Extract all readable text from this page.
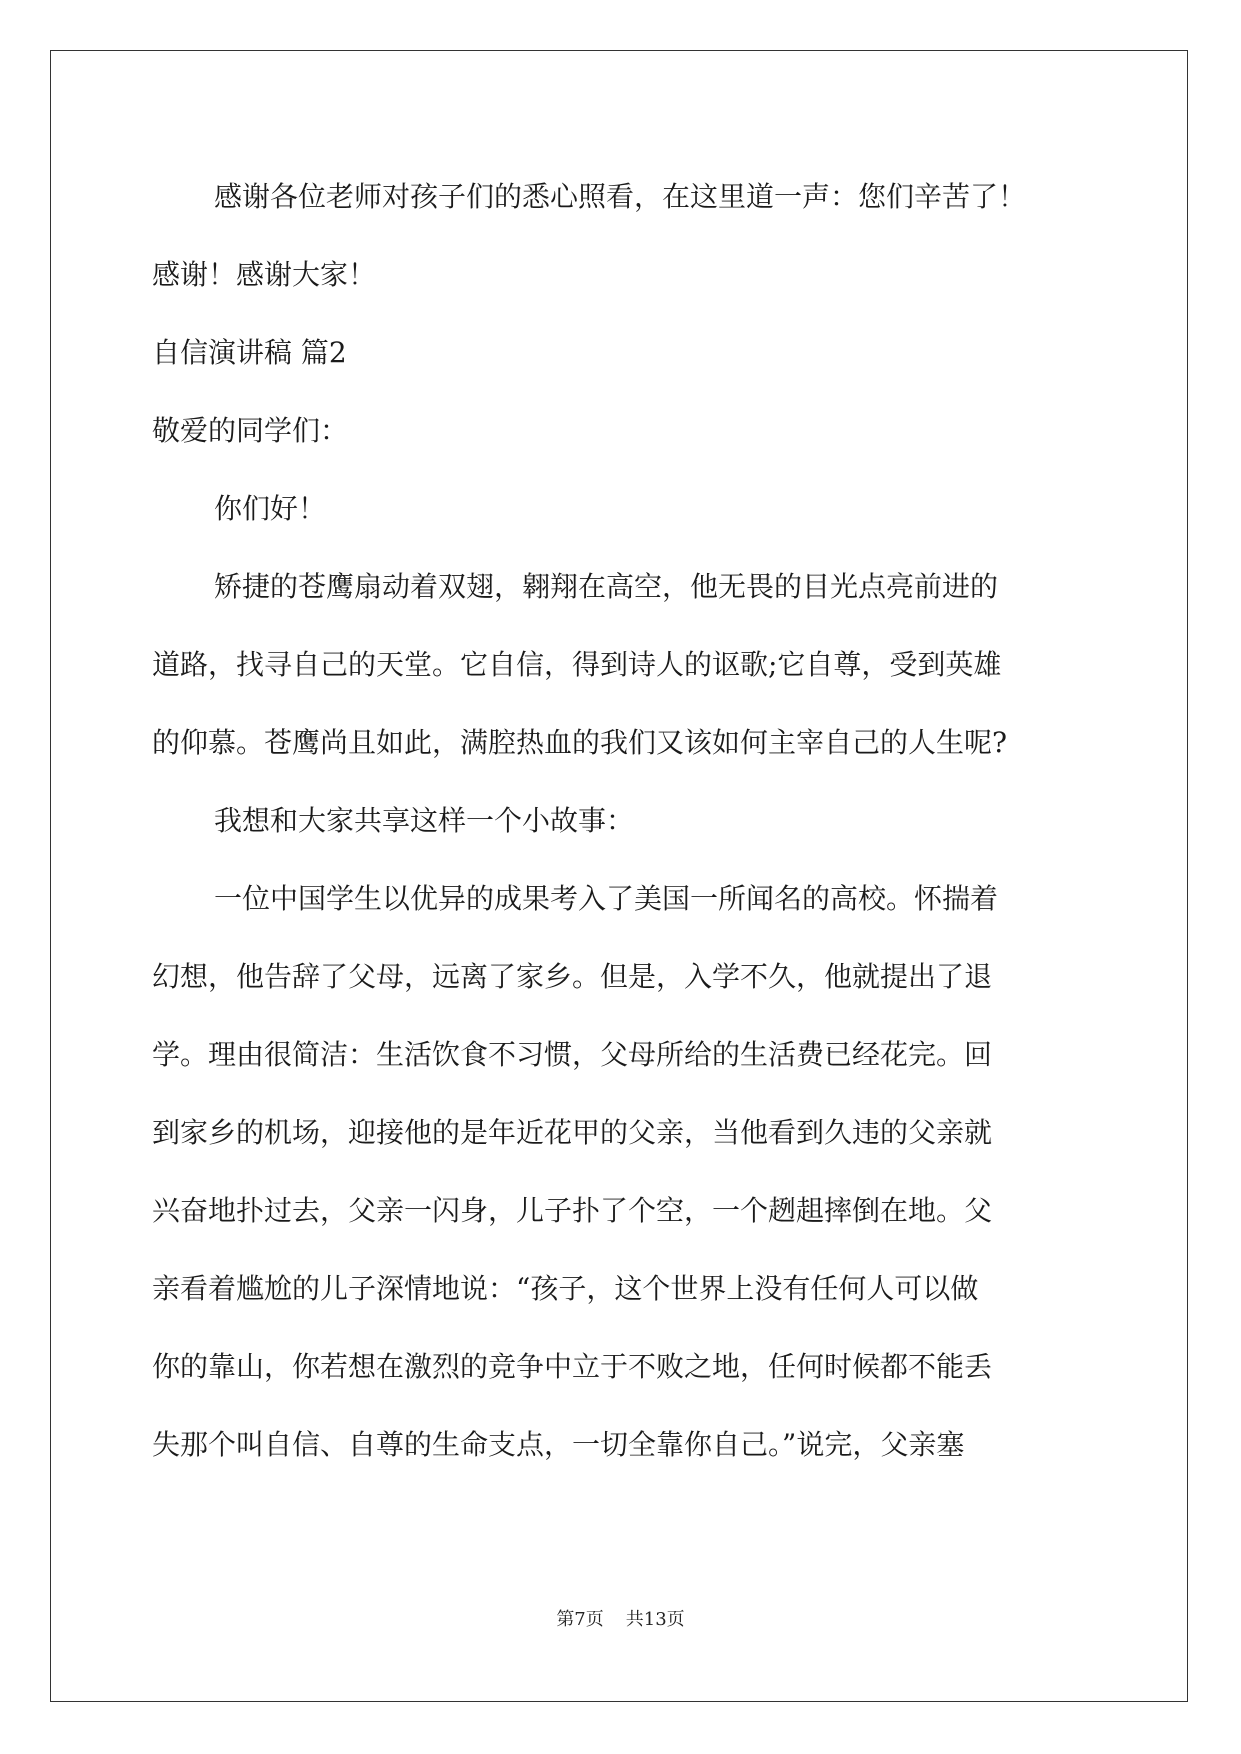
感谢各位老师对孩子们的悉心照看，在这里道一声：您们辛苦了！
感谢！感谢大家！
自信演讲稿 篇2
敬爱的同学们：
你们好！
矫捷的苍鹰扇动着双翅，翱翔在高空，他无畏的目光点亮前进的
道路，找寻自己的天堂。它自信，得到诗人的讴歌;它自尊，受到英雄
的仰慕。苍鹰尚且如此，满腔热血的我们又该如何主宰自己的人生呢?
我想和大家共享这样一个小故事：
一位中国学生以优异的成果考入了美国一所闻名的高校。怀揣着
幻想，他告辞了父母，远离了家乡。但是，入学不久，他就提出了退
学。理由很简洁：生活饮食不习惯，父母所给的生活费已经花完。回
到家乡的机场，迎接他的是年近花甲的父亲，当他看到久违的父亲就
兴奋地扑过去，父亲一闪身，儿子扑了个空，一个趔趄摔倒在地。父
亲看着尴尬的儿子深情地说：“孩子，这个世界上没有任何人可以做
你的靠山，你若想在激烈的竞争中立于不败之地，任何时候都不能丢
失那个叫自信、自尊的生命支点，一切全靠你自己。”说完，父亲塞
第7页 共13页
